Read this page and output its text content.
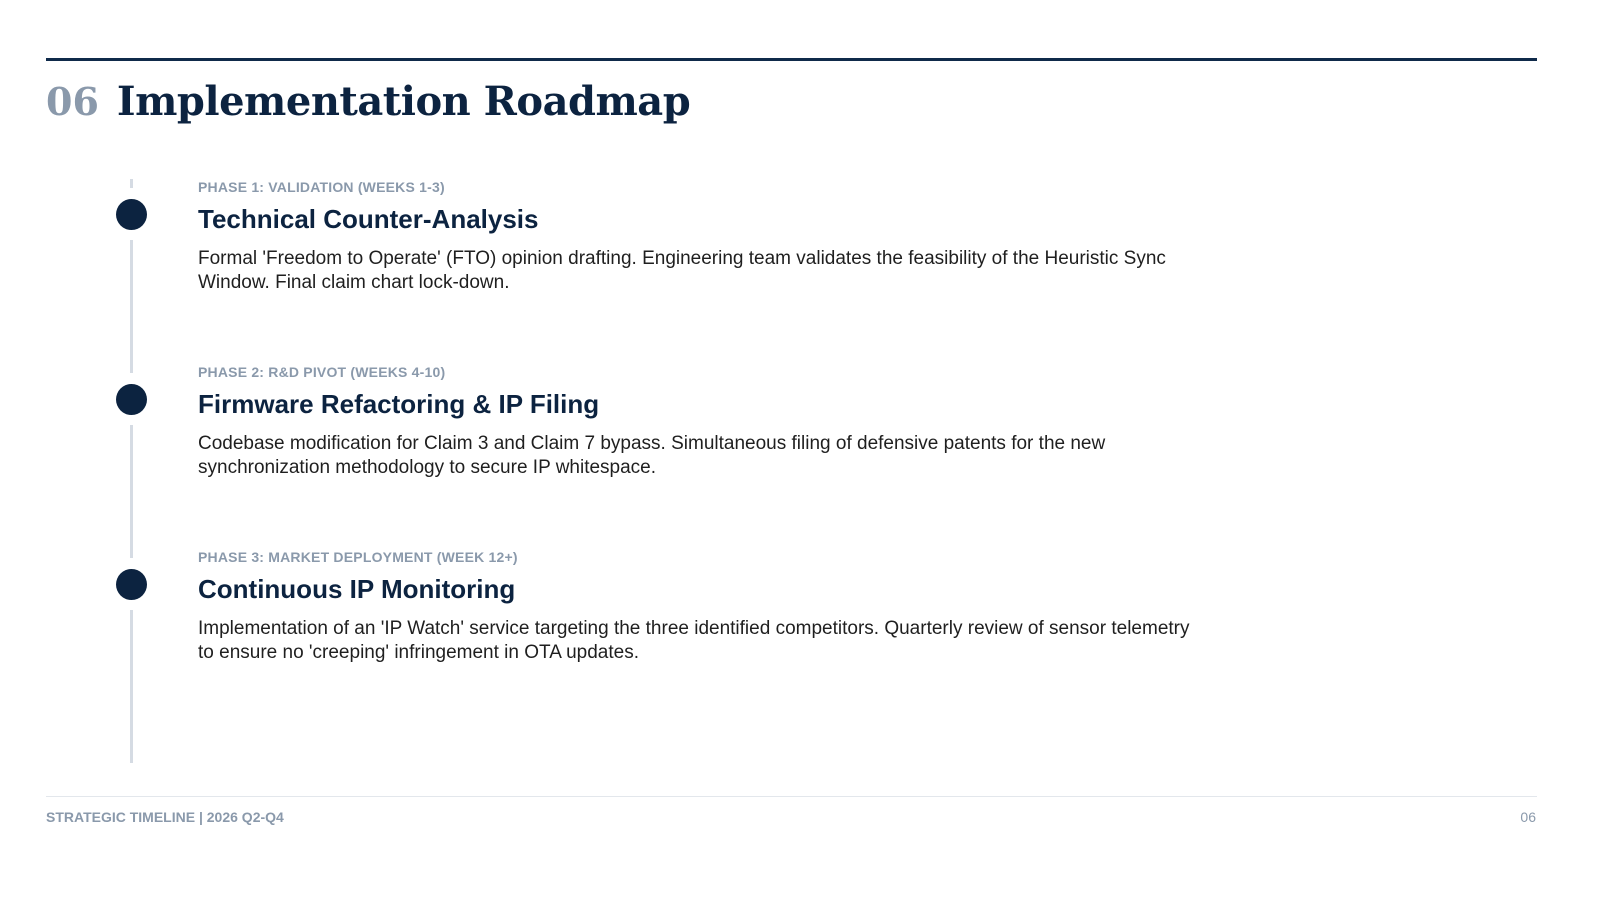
06 Implementation Roadmap
PHASE 1: VALIDATION (WEEKS 1-3)
Technical Counter-Analysis
Formal 'Freedom to Operate' (FTO) opinion drafting. Engineering team validates the feasibility of the Heuristic Sync Window. Final claim chart lock-down.
PHASE 2: R&D PIVOT (WEEKS 4-10)
Firmware Refactoring & IP Filing
Codebase modification for Claim 3 and Claim 7 bypass. Simultaneous filing of defensive patents for the new synchronization methodology to secure IP whitespace.
PHASE 3: MARKET DEPLOYMENT (WEEK 12+)
Continuous IP Monitoring
Implementation of an 'IP Watch' service targeting the three identified competitors. Quarterly review of sensor telemetry to ensure no 'creeping' infringement in OTA updates.
STRATEGIC TIMELINE | 2026 Q2-Q4	06
